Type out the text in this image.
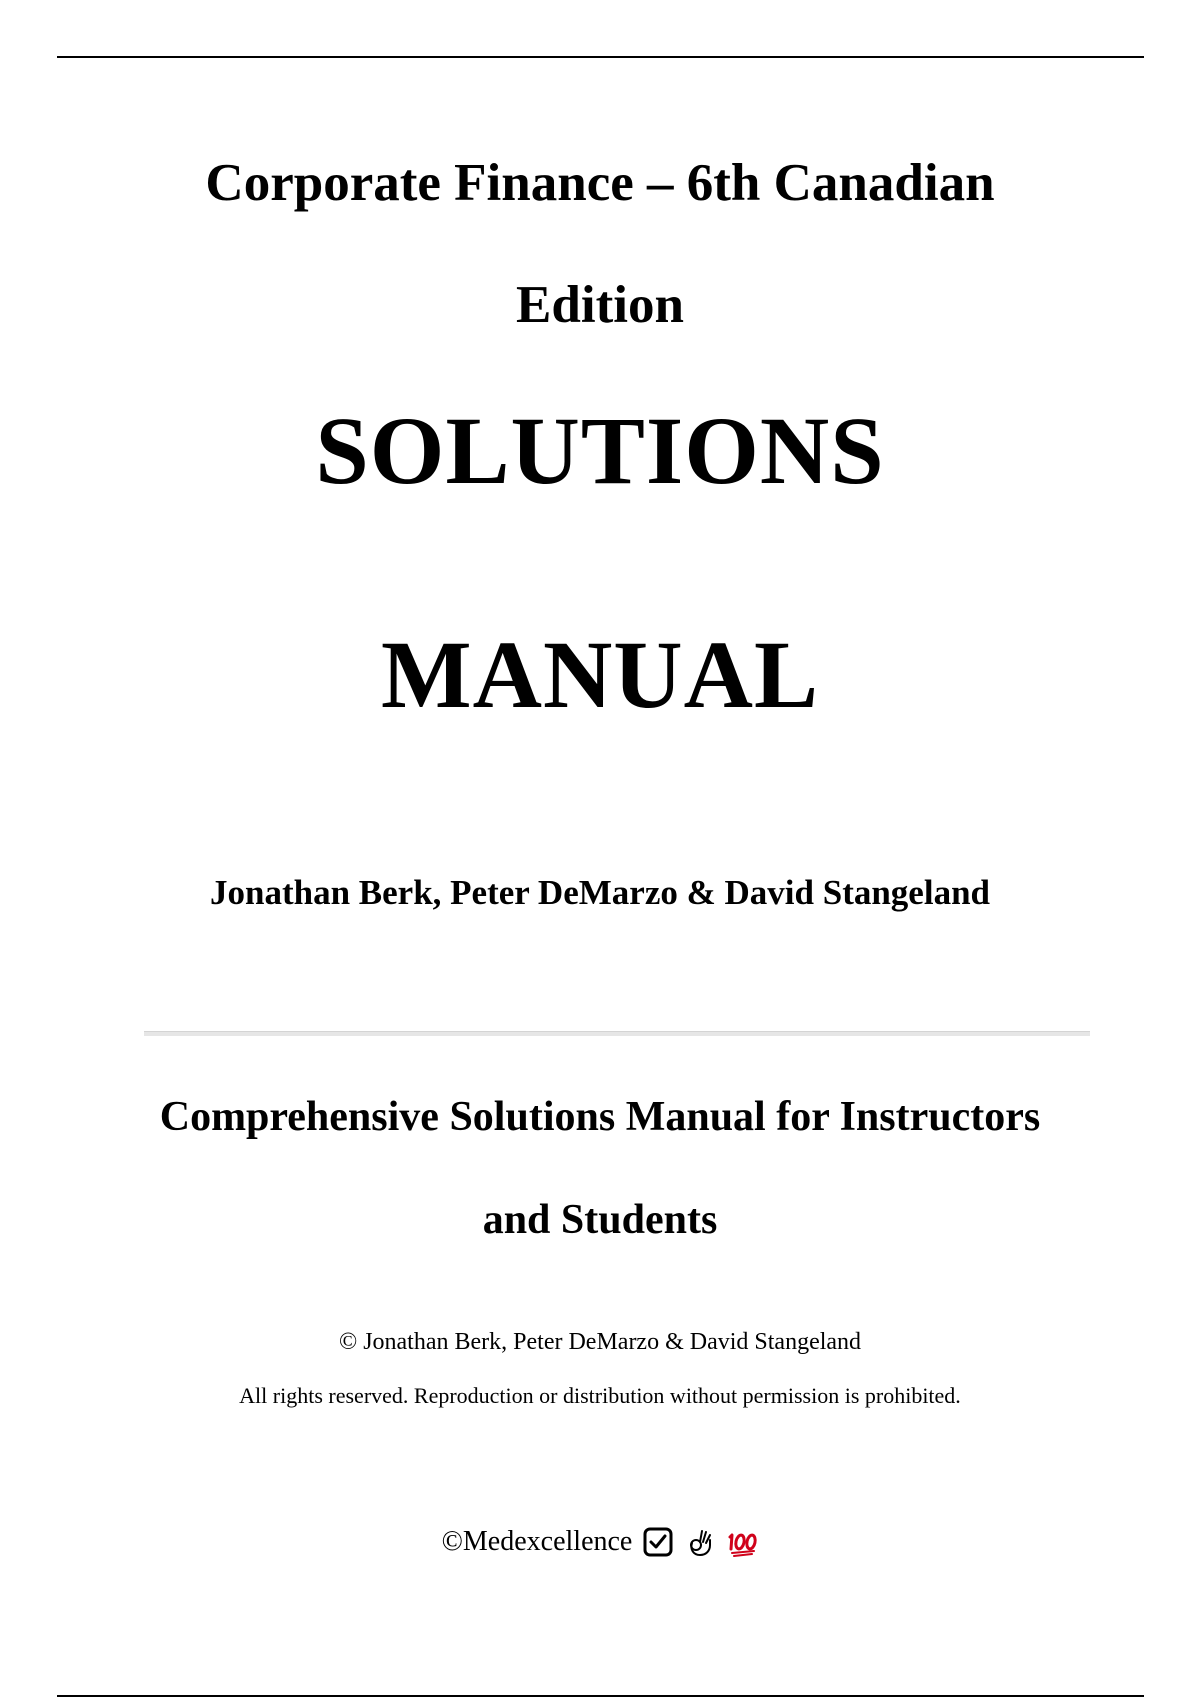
Corporate Finance – 6th Canadian
Edition
SOLUTIONS
MANUAL
Jonathan Berk, Peter DeMarzo & David Stangeland
Comprehensive Solutions Manual for Instructors
and Students
© Jonathan Berk, Peter DeMarzo & David Stangeland
All rights reserved. Reproduction or distribution without permission is prohibited.
©Medexcellence
